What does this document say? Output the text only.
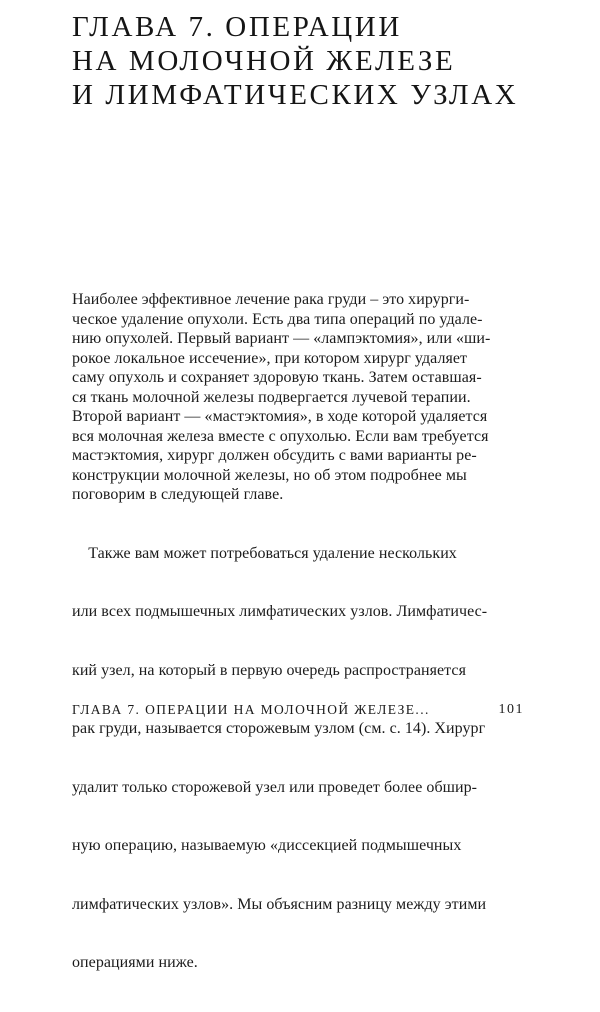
ГЛАВА 7. ОПЕРАЦИИ
НА МОЛОЧНОЙ ЖЕЛЕЗЕ
И ЛИМФАТИЧЕСКИХ УЗЛАХ
Наиболее эффективное лечение рака груди – это хирурги-
ческое удаление опухоли. Есть два типа операций по удале-
нию опухолей. Первый вариант — «лампэктомия», или «ши-
рокое локальное иссечение», при котором хирург удаляет
саму опухоль и сохраняет здоровую ткань. Затем оставшая-
ся ткань молочной железы подвергается лучевой терапии.
Второй вариант — «мастэктомия», в ходе которой удаляется
вся молочная железа вместе с опухолью. Если вам требуется
мастэктомия, хирург должен обсудить с вами варианты ре-
конструкции молочной железы, но об этом подробнее мы
поговорим в следующей главе.

Также вам может потребоваться удаление нескольких

или всех подмышечных лимфатических узлов. Лимфатичес-

кий узел, на который в первую очередь распространяется

рак груди, называется сторожевым узлом (см. с. 14). Хирург

удалит только сторожевой узел или проведет более обшир-

ную операцию, называемую «диссекцией подмышечных

лимфатических узлов». Мы объясним разницу между этими

операциями ниже.

ГЛАВА 7. ОПЕРАЦИИ НА МОЛОЧНОЙ ЖЕЛЕЗЕ...	101
